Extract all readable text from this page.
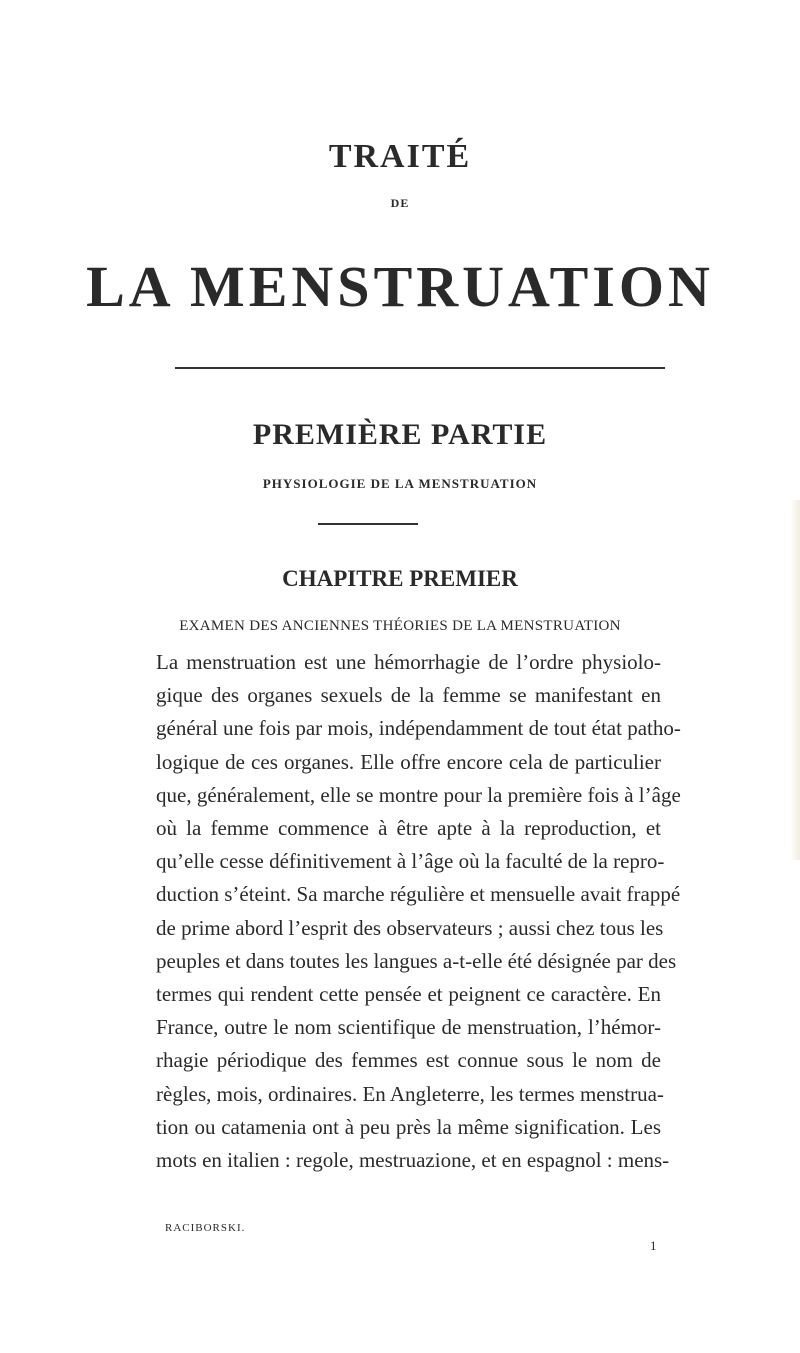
TRAITÉ
DE
LA MENSTRUATION
PREMIÈRE PARTIE
PHYSIOLOGIE DE LA MENSTRUATION
CHAPITRE PREMIER
EXAMEN DES ANCIENNES THÉORIES DE LA MENSTRUATION
La menstruation est une hémorrhagie de l’ordre physiolo-
gique des organes sexuels de la femme se manifestant en
général une fois par mois, indépendamment de tout état patho-
logique de ces organes. Elle offre encore cela de particulier
que, généralement, elle se montre pour la première fois à l’âge
où la femme commence à être apte à la reproduction, et
qu’elle cesse définitivement à l’âge où la faculté de la repro-
duction s’éteint. Sa marche régulière et mensuelle avait frappé
de prime abord l’esprit des observateurs ; aussi chez tous les
peuples et dans toutes les langues a-t-elle été désignée par des
termes qui rendent cette pensée et peignent ce caractère. En
France, outre le nom scientifique de menstruation, l’hémor-
rhagie périodique des femmes est connue sous le nom de
règles, mois, ordinaires. En Angleterre, les termes menstrua-
tion ou catamenia ont à peu près la même signification. Les
mots en italien : regole, mestruazione, et en espagnol : mens-
RACIBORSKI.
1
